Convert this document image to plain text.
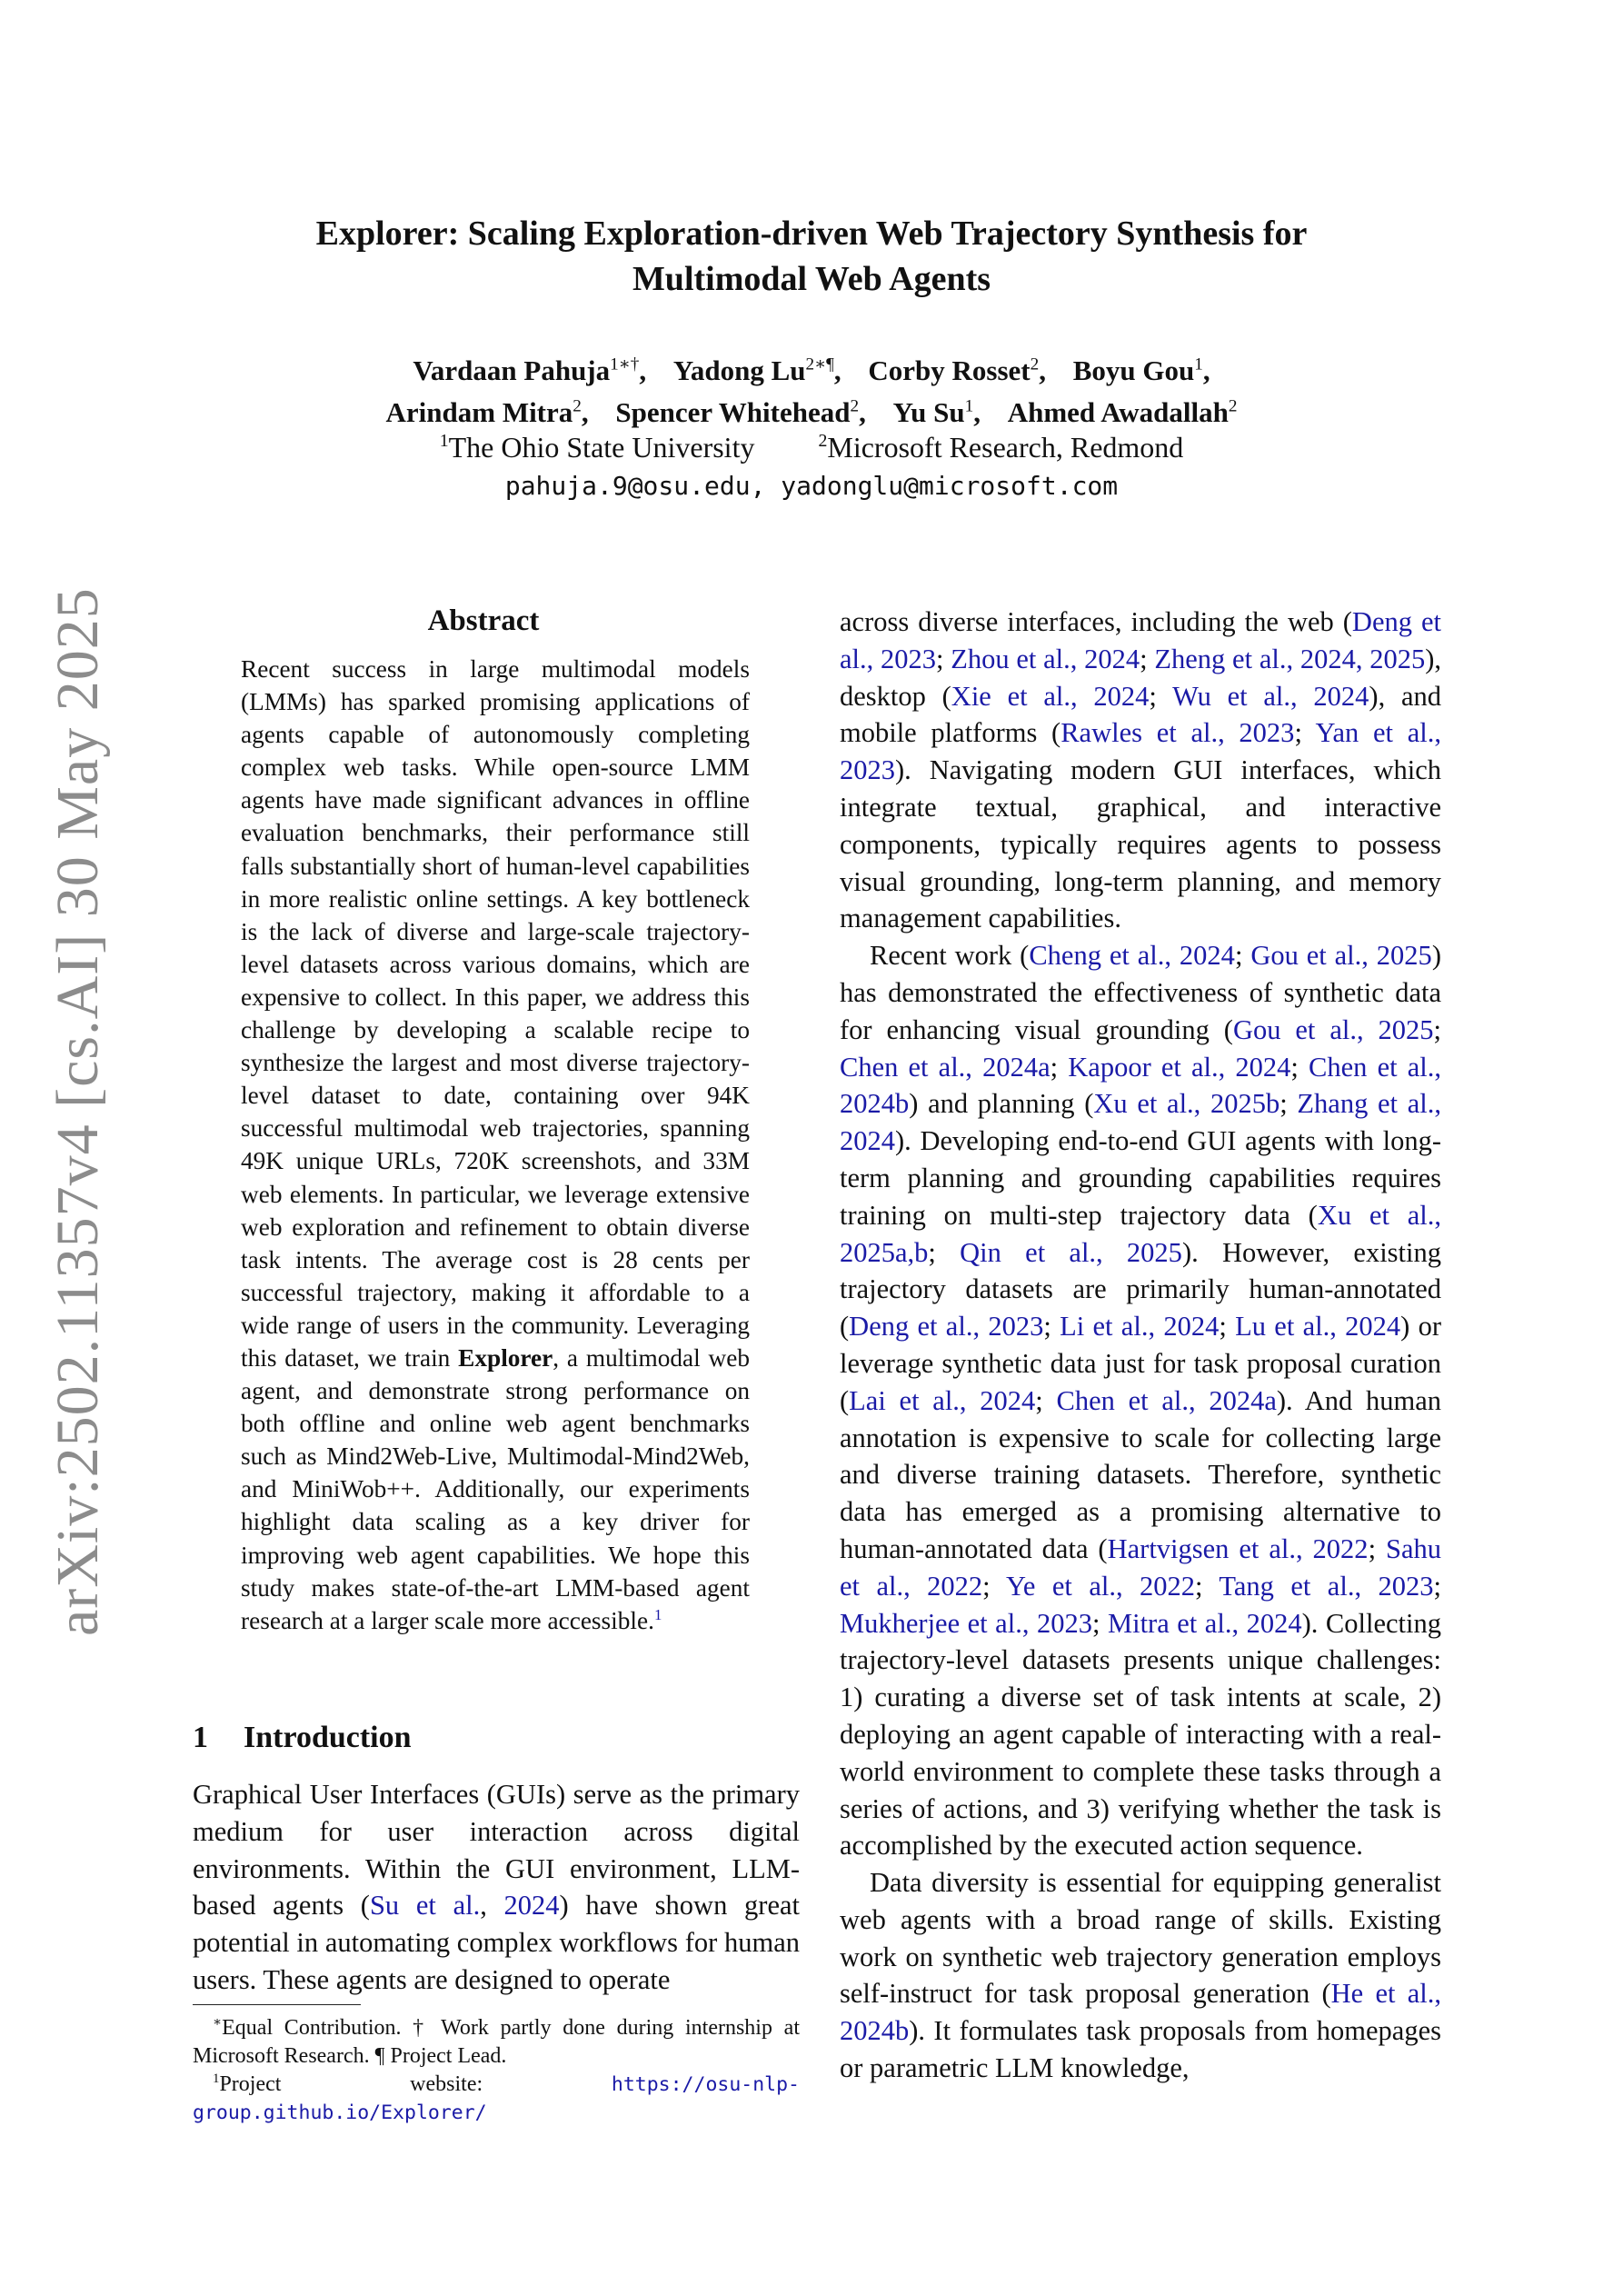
Explorer: Scaling Exploration-driven Web Trajectory Synthesis for
Multimodal Web Agents
Vardaan Pahuja$^{1∗\dagger}$, Yadong $Lu^{2∗\P}$, Corby Rosset$^2$, Boyu Gou$^1$,
Arindam Mitra$^2$, Spencer Whitehead$^2$, Yu Su$^1$, Ahmed Awadallah$^2$
$^1$The Ohio State University	$^2$Microsoft Research, Redmond
pahuja.9@osu.edu, yadonglu@microsoft.com
arXiv:2502.11357v4 [cs.AI] 30 May 2025	Abstract
Recent success in large multimodal models (LMMs) has sparked promising applications of agents capable of autonomously completing complex web tasks. While open-source LMM agents have made significant advances in offline evaluation benchmarks, their performance still falls substantially short of human-level capabilities in more realistic online settings. A key bottleneck is the lack of diverse and large-scale trajectory-level datasets across various domains, which are expensive to collect. In this paper, we address this challenge by developing a scalable recipe to synthesize the largest and most diverse trajectory-level dataset to date, containing over 94K successful multimodal web trajectories, spanning 49K unique URLs, 720K screenshots, and 33M web elements. In particular, we leverage extensive web exploration and refinement to obtain diverse task intents. The average cost is 28 cents per successful trajectory, making it affordable to a wide range of users in the community. Leveraging this dataset, we train Explorer, a multimodal web agent, and demonstrate strong performance on both offline and online web agent benchmarks such as Mind2Web-Live, Multimodal-Mind2Web, and MiniWob++. Additionally, our experiments highlight data scaling as a key driver for improving web agent capabilities. We hope this study makes state-of-the-art LMM-based agent research at a larger scale more accessible.$^1$
1 Introduction
Graphical User Interfaces (GUIs) serve as the primary medium for user interaction across digital environments. Within the GUI environment, LLM-based agents (Su et al., 2024) have shown great potential in automating complex workflows for human users. These agents are designed to operate

∗Equal Contribution. † Work partly done during internship at Microsoft Research. ¶ Project Lead.

$^1$Project website: https://osu-nlp-group.github.io/Explorer/

across diverse interfaces, including the web (Deng et al., 2023; Zhou et al., 2024; Zheng et al., 2024, 2025), desktop (Xie et al., 2024; Wu et al., 2024), and mobile platforms (Rawles et al., 2023; Yan et al., 2023). Navigating modern GUI interfaces, which integrate textual, graphical, and interactive components, typically requires agents to possess visual grounding, long-term planning, and memory management capabilities.

Recent work (Cheng et al., 2024; Gou et al., 2025) has demonstrated the effectiveness of synthetic data for enhancing visual grounding (Gou et al., 2025; Chen et al., 2024a; Kapoor et al., 2024; Chen et al., 2024b) and planning (Xu et al., 2025b; Zhang et al., 2024). Developing end-to-end GUI agents with long-term planning and grounding capabilities requires training on multi-step trajectory data (Xu et al., 2025a,b; Qin et al., 2025). However, existing trajectory datasets are primarily human-annotated (Deng et al., 2023; Li et al., 2024; Lu et al., 2024) or leverage synthetic data just for task proposal curation (Lai et al., 2024; Chen et al., 2024a). And human annotation is expensive to scale for collecting large and diverse training datasets. Therefore, synthetic data has emerged as a promising alternative to human-annotated data (Hartvigsen et al., 2022; Sahu et al., 2022; Ye et al., 2022; Tang et al., 2023; Mukherjee et al., 2023; Mitra et al., 2024). Collecting trajectory-level datasets presents unique challenges: 1) curating a diverse set of task intents at scale, 2) deploying an agent capable of interacting with a real-world environment to complete these tasks through a series of actions, and 3) verifying whether the task is accomplished by the executed action sequence.

Data diversity is essential for equipping generalist web agents with a broad range of skills. Existing work on synthetic web trajectory generation employs self-instruct for task proposal generation (He et al., 2024b). It formulates task proposals from homepages or parametric LLM knowledge,
